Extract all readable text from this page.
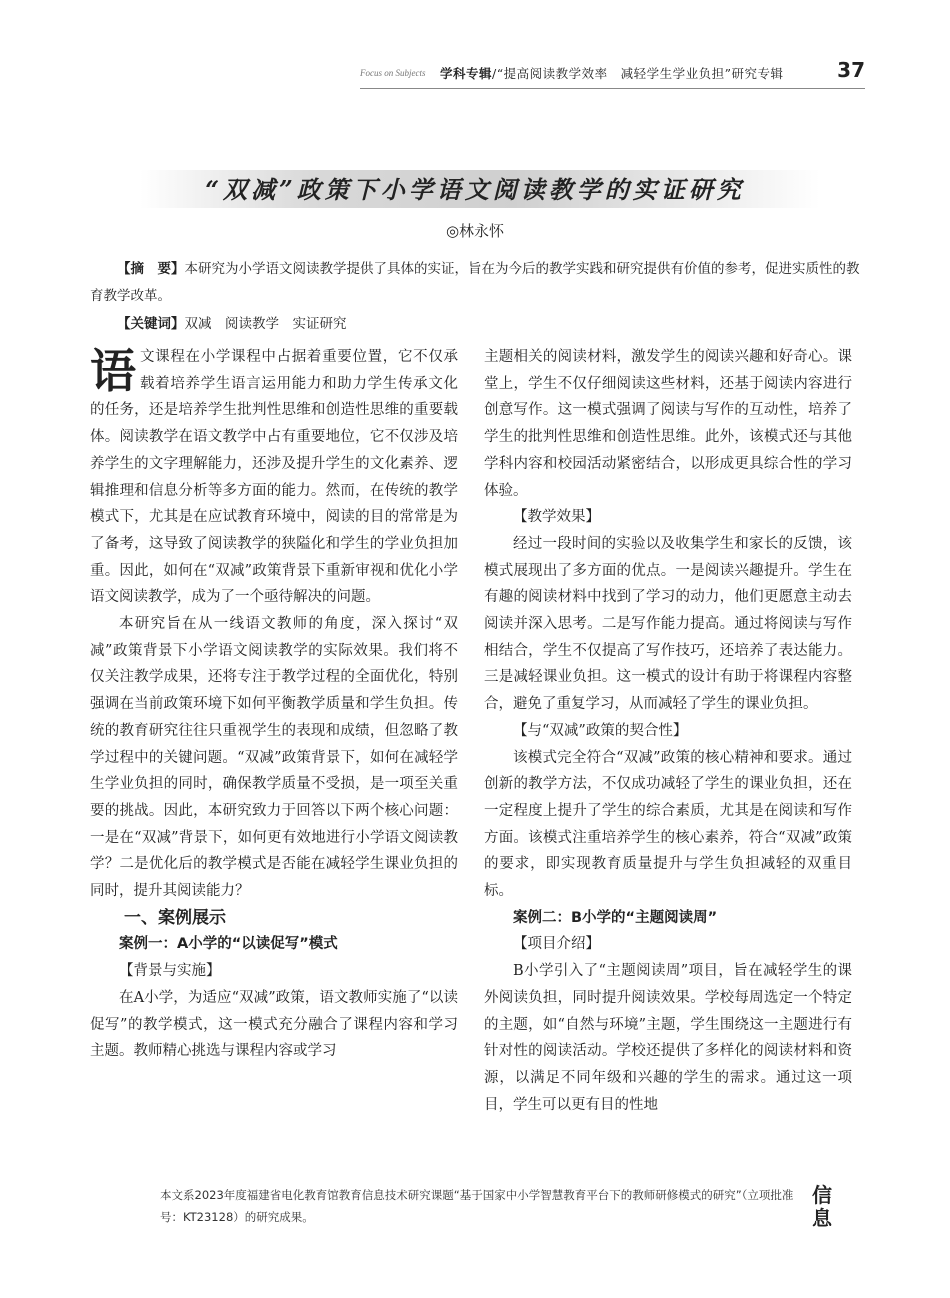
Focus on Subjects 学科专辑/“提高阅读教学效率　减轻学生学业负担”研究专辑	37
“双减”政策下小学语文阅读教学的实证研究
◎林永怀
【摘　要】本研究为小学语文阅读教学提供了具体的实证，旨在为今后的教学实践和研究提供有价值的参考，促进实质性的教育教学改革。
【关键词】双减　阅读教学　实证研究

语文课程在小学课程中占据着重要位置，它不仅承载着培养学生语言运用能力和助力学生传承文化的任务，还是培养学生批判性思维和创造性思维的重要载体。阅读教学在语文教学中占有重要地位，它不仅涉及培养学生的文字理解能力，还涉及提升学生的文化素养、逻辑推理和信息分析等多方面的能力。然而，在传统的教学模式下，尤其是在应试教育环境中，阅读的目的常常是为了备考，这导致了阅读教学的狭隘化和学生的学业负担加重。因此，如何在“双减”政策背景下重新审视和优化小学语文阅读教学，成为了一个亟待解决的问题。

本研究旨在从一线语文教师的角度，深入探讨“双减”政策背景下小学语文阅读教学的实际效果。我们将不仅关注教学成果，还将专注于教学过程的全面优化，特别强调在当前政策环境下如何平衡教学质量和学生负担。传统的教育研究往往只重视学生的表现和成绩，但忽略了教学过程中的关键问题。“双减”政策背景下，如何在减轻学生学业负担的同时，确保教学质量不受损，是一项至关重要的挑战。因此，本研究致力于回答以下两个核心问题：一是在“双减”背景下，如何更有效地进行小学语文阅读教学？二是优化后的教学模式是否能在减轻学生课业负担的同时，提升其阅读能力？

一、案例展示

案例一：A小学的“以读促写”模式

【背景与实施】

在A小学，为适应“双减”政策，语文教师实施了“以读促写”的教学模式，这一模式充分融合了课程内容和学习主题。教师精心挑选与课程内容或学习

主题相关的阅读材料，激发学生的阅读兴趣和好奇心。课堂上，学生不仅仔细阅读这些材料，还基于阅读内容进行创意写作。这一模式强调了阅读与写作的互动性，培养了学生的批判性思维和创造性思维。此外，该模式还与其他学科内容和校园活动紧密结合，以形成更具综合性的学习体验。

【教学效果】

经过一段时间的实验以及收集学生和家长的反馈，该模式展现出了多方面的优点。一是阅读兴趣提升。学生在有趣的阅读材料中找到了学习的动力，他们更愿意主动去阅读并深入思考。二是写作能力提高。通过将阅读与写作相结合，学生不仅提高了写作技巧，还培养了表达能力。三是减轻课业负担。这一模式的设计有助于将课程内容整合，避免了重复学习，从而减轻了学生的课业负担。

【与“双减”政策的契合性】

该模式完全符合“双减”政策的核心精神和要求。通过创新的教学方法，不仅成功减轻了学生的课业负担，还在一定程度上提升了学生的综合素质，尤其是在阅读和写作方面。该模式注重培养学生的核心素养，符合“双减”政策的要求，即实现教育质量提升与学生负担减轻的双重目标。

案例二：B小学的“主题阅读周”

【项目介绍】

B小学引入了“主题阅读周”项目，旨在减轻学生的课外阅读负担，同时提升阅读效果。学校每周选定一个特定的主题，如“自然与环境”主题，学生围绕这一主题进行有针对性的阅读活动。学校还提供了多样化的阅读材料和资源，以满足不同年级和兴趣的学生的需求。通过这一项目，学生可以更有目的性地

本文系2023年度福建省电化教育馆教育信息技术研究课题“基于国家中小学智慧教育平台下的教师研修模式的研究”（立项批准号：KT23128）的研究成果。
信息
